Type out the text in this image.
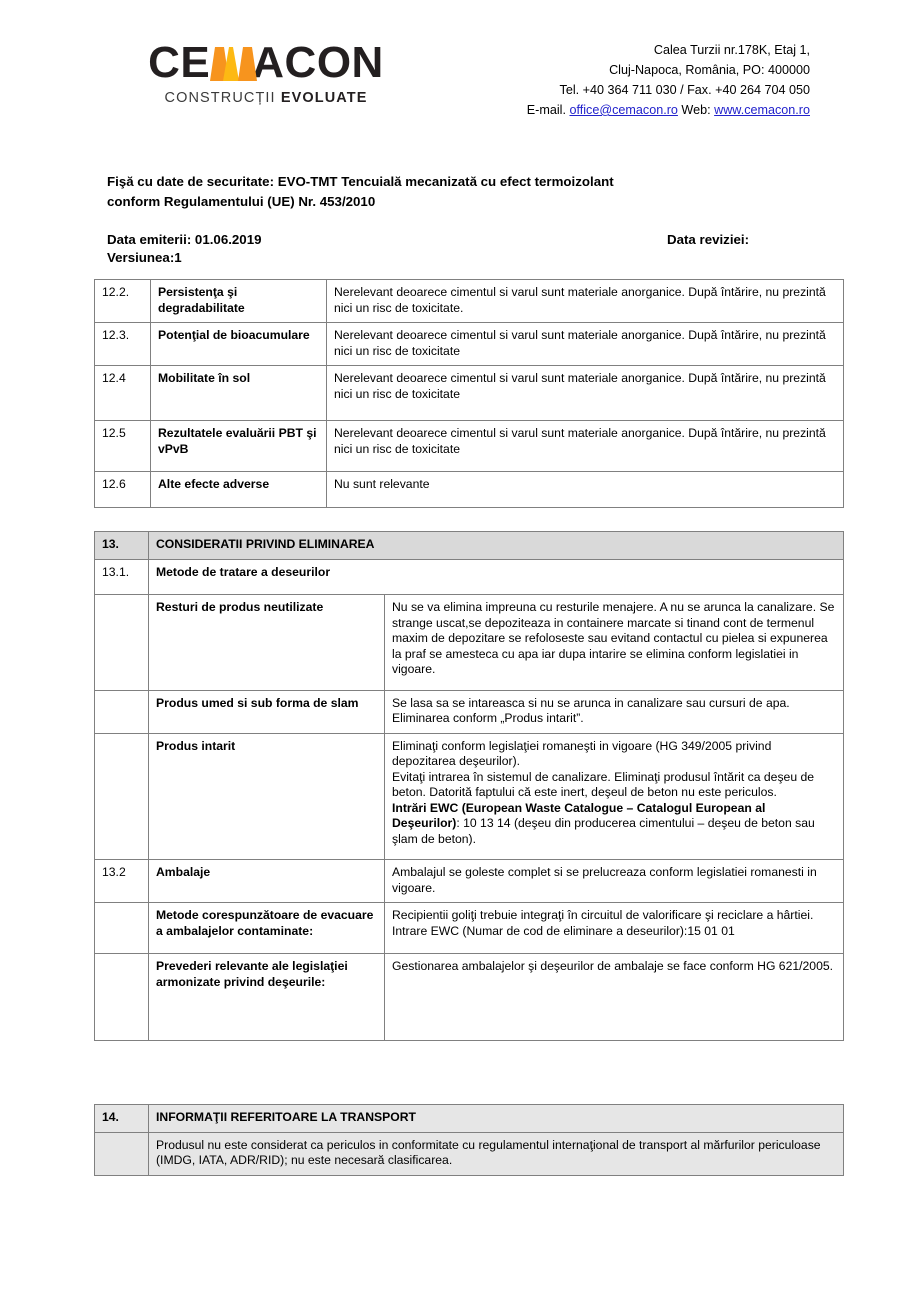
CE ACON
CONSTRUCȚII EVOLUATE
Calea Turzii nr.178K, Etaj 1,
Cluj-Napoca, România, PO: 400000
Tel. +40 364 711 030 / Fax. +40 264 704 050
E-mail. office@cemacon.ro Web: www.cemacon.ro
Fişă cu date de securitate: EVO-TMT Tencuială mecanizată cu efect termoizolant
conform Regulamentului (UE) Nr. 453/2010
Data emiterii: 01.06.2019
Versiunea:1
Data reviziei:
12.2.	Persistenţa şi degradabilitate	Nerelevant deoarece cimentul si varul sunt materiale anorganice. După întărire, nu prezintă nici un risc de toxicitate.
12.3.	Potenţial de bioacumulare	Nerelevant deoarece cimentul si varul sunt materiale anorganice. După întărire, nu prezintă nici un risc de toxicitate
12.4	Mobilitate în sol	Nerelevant deoarece cimentul si varul sunt materiale anorganice. După întărire, nu prezintă nici un risc de toxicitate
12.5	Rezultatele evaluării PBT şi vPvB	Nerelevant deoarece cimentul si varul sunt materiale anorganice. După întărire, nu prezintă nici un risc de toxicitate
12.6	Alte efecte adverse	Nu sunt relevante
13.	CONSIDERATII PRIVIND ELIMINAREA	
13.1.	Metode de tratare a deseurilor	
	Resturi de produs neutilizate	Nu se va elimina impreuna cu resturile menajere. A nu se arunca la canalizare. Se strange uscat,se depoziteaza in containere marcate si tinand cont de termenul maxim de depozitare se refoloseste sau evitand contactul cu pielea si expunerea la praf se amesteca cu apa iar dupa intarire se elimina conform legislatiei in vigoare.
	Produs umed si sub forma de slam	Se lasa sa se intareasca si nu se arunca in canalizare sau cursuri de apa. Eliminarea conform „Produs intarit”.
	Produs intarit	Eliminaţi conform legislaţiei romaneşti in vigoare (HG 349/2005 privind depozitarea deşeurilor).
Evitaţi intrarea în sistemul de canalizare. Eliminaţi produsul întărit ca deşeu de beton. Datorită faptului că este inert, deşeul de beton nu este periculos.
Intrări EWC (European Waste Catalogue – Catalogul European al Deşeurilor): 10 13 14 (deşeu din producerea cimentului – deşeu de beton sau şlam de beton).
13.2	Ambalaje	Ambalajul se goleste complet si se prelucreaza conform legislatiei romanesti in vigoare.
	Metode corespunzătoare de evacuare a ambalajelor contaminate:	Recipientii goliţi trebuie integraţi în circuitul de valorificare şi reciclare a hârtiei. Intrare EWC (Numar de cod de eliminare a deseurilor):15 01 01
	Prevederi relevante ale legislaţiei armonizate privind deşeurile:	Gestionarea ambalajelor şi deşeurilor de ambalaje se face conform HG 621/2005.
14.	INFORMAŢII REFERITOARE LA TRANSPORT
	Produsul nu este considerat ca periculos in conformitate cu regulamentul internaţional de transport al mărfurilor periculoase (IMDG, IATA, ADR/RID); nu este necesară clasificarea.
